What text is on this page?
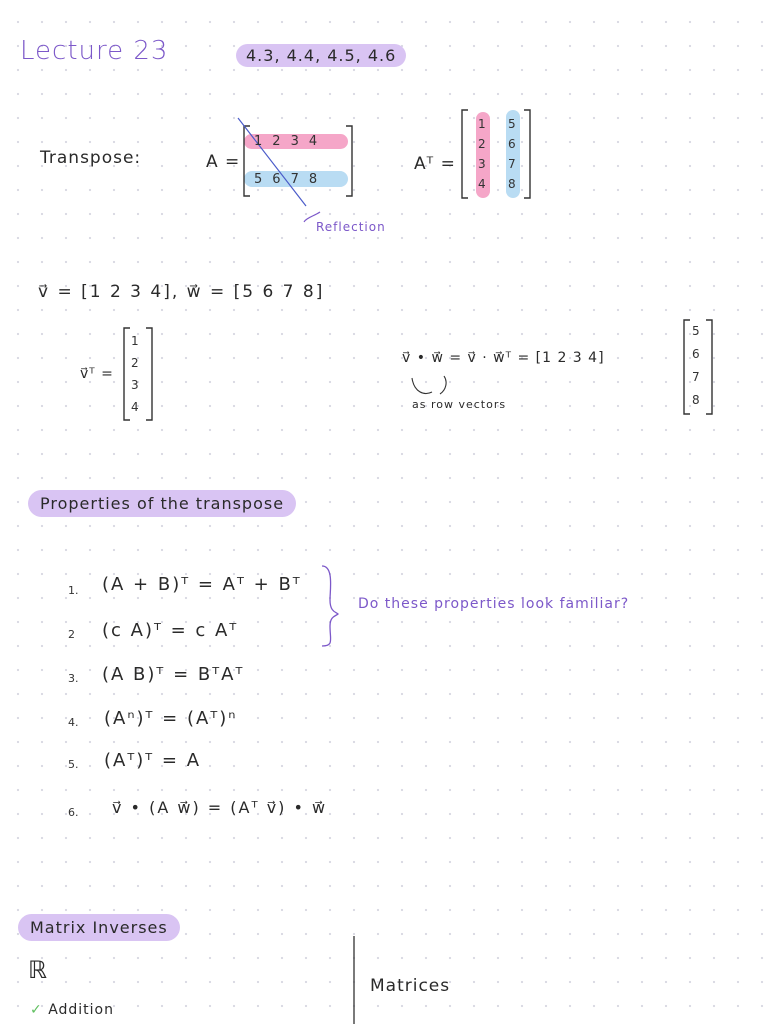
Lecture 23	4.3, 4.4, 4.5, 4.6
Transpose:	A =
1234
5678
Reflection
Aᵀ =
1
2
3
4
5
6
7
8
v⃗ = [1 2 3 4], w⃗ = [5 6 7 8]
v⃗ᵀ =
1
2
3
4
v⃗ • w⃗ = v⃗ · w⃗ᵀ = [1 2 3 4]
5
6
7
8
as row vectors
Properties of the transpose
1. (A + B)ᵀ = Aᵀ + Bᵀ
2 (c A)ᵀ = c Aᵀ
3. (A B)ᵀ = BᵀAᵀ
4. (Aⁿ)ᵀ = (Aᵀ)ⁿ
5. (Aᵀ)ᵀ = A
6. v⃗ • (A w⃗) = (Aᵀ v⃗) • w⃗
Do these properties look familiar?
Matrix Inverses
ℝ
✓ Addition
Matrices
